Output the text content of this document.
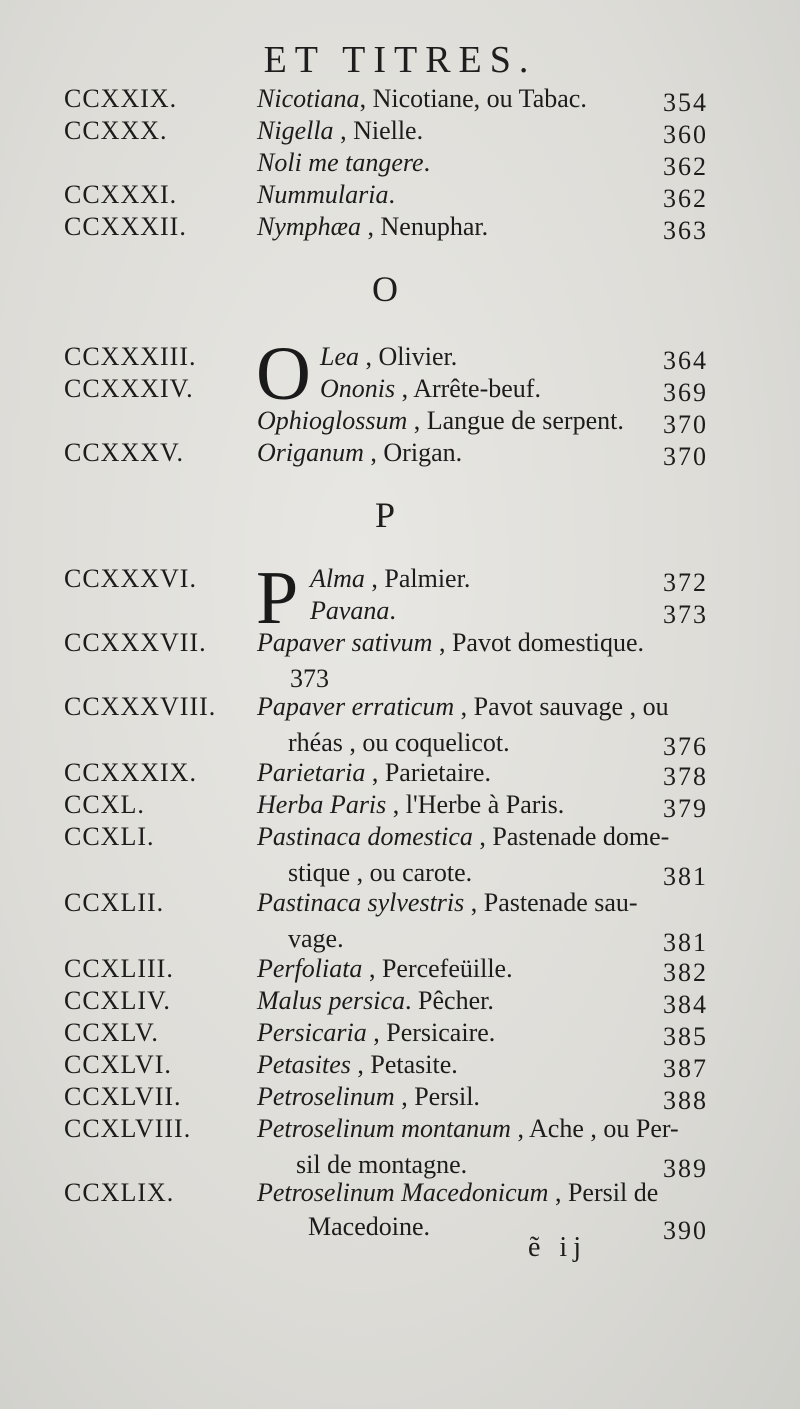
ET TITRES.
CCXXIX.	Nicotiana, Nicotiane, ou Tabac.	354
CCXXX.	Nigella , Nielle.	360
Noli me tangere.	362
CCXXXI.	Nummularia.	362
CCXXXII.	Nymphæa , Nenuphar.	363
O
CCXXXIII. O Lea , Olivier.	364
CCXXXIV.	Ononis , Arrête-beuf.	369
Ophioglossum , Langue de serpent. 370
CCXXXV.	Origanum , Origan.	370
P
CCXXXVI. P Alma , Palmier.	372
Pavana.	373
CCXXXVII. Papaver sativum , Pavot domestique.
373
CCXXXVIII. Papaver erraticum , Pavot sauvage , ou
rhéas , ou coquelicot.	376
CCXXXIX. Parietaria , Parietaire.	378
CCXL.	Herba Paris , l'Herbe à Paris.	379
CCXLI.	Pastinaca domestica , Pastenade dome-
stique , ou carote.	381
CCXLII.	Pastinaca sylvestris , Pastenade sau-
vage.	381
CCXLIII.	Perfoliata , Percefeüille.	382
CCXLIV.	Malus persica. Pêcher.	384
CCXLV.	Persicaria , Persicaire.	385
CCXLVI.	Petasites , Petasite.	387
CCXLVII.	Petroselinum , Persil.	388
CCXLVIII.	Petroselinum montanum , Ache , ou Per-
sil de montagne.	389
CCXLIX.	Petroselinum Macedonicum , Persil de
Macedoine.	390
ẽ ij
